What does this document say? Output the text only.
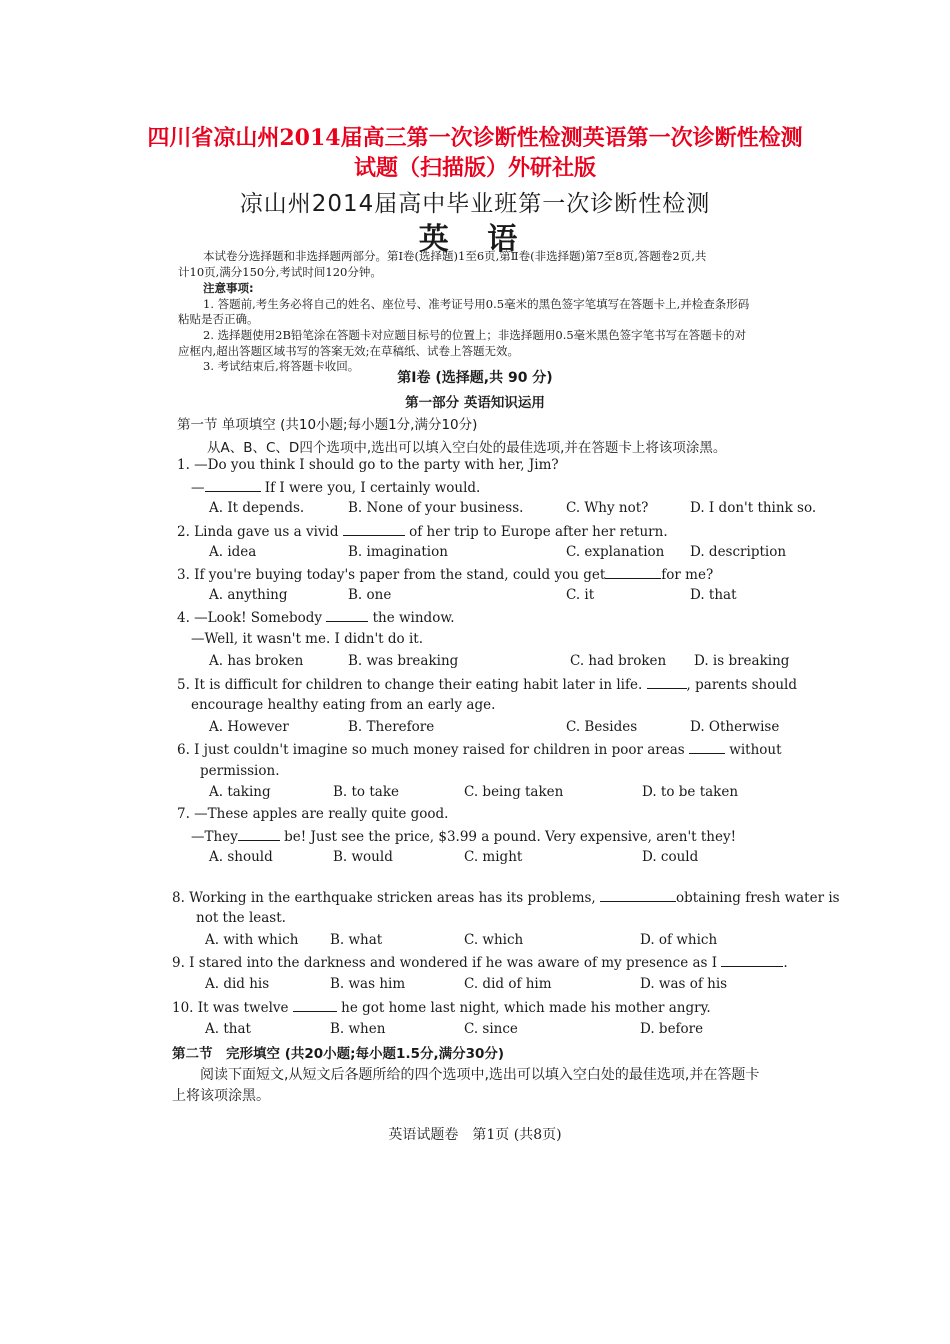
四川省凉山州2014届高三第一次诊断性检测英语第一次诊断性检测
试题（扫描版）外研社版
凉山州2014届高中毕业班第一次诊断性检测
英 语
本试卷分选择题和非选择题两部分。第Ⅰ卷(选择题)1至6页,第Ⅱ卷(非选择题)第7至8页,答题卷2页,共
计10页,满分150分,考试时间120分钟。
注意事项:
1. 答题前,考生务必将自己的姓名、座位号、准考证号用0.5毫米的黑色签字笔填写在答题卡上,并检查条形码
粘贴是否正确。
2. 选择题使用2B铅笔涂在答题卡对应题目标号的位置上；非选择题用0.5毫米黑色签字笔书写在答题卡的对
应框内,超出答题区域书写的答案无效;在草稿纸、试卷上答题无效。
3. 考试结束后,将答题卡收回。
第Ⅰ卷 (选择题,共 90 分)
第一部分 英语知识运用
第一节 单项填空 (共10小题;每小题1分,满分10分)
从A、B、C、D四个选项中,选出可以填入空白处的最佳选项,并在答题卡上将该项涂黑。
1. —Do you think I should go to the party with her, Jim?
—	If I were you, I certainly would.
A. It depends.	B. None of your business.	C. Why not?	D. I don't think so.
2. Linda gave us a vivid	of her trip to Europe after her return.
A. idea	B. imagination	C. explanation D. description
3. If you're buying today's paper from the stand, could you get	for me?
A. anything	B. one	C. it	D. that
4. —Look! Somebody	the window.
—Well, it wasn't me. I didn't do it.
A. has broken	B. was breaking	C. had broken D. is breaking
5. It is difficult for children to change their eating habit later in life.	, parents should
encourage healthy eating from an early age.
A. However	B. Therefore	C. Besides	D. Otherwise
6. I just couldn't imagine so much money raised for children in poor areas	without
permission.
A. taking	B. to take	C. being taken	D. to be taken
7. —These apples are really quite good.
—They	be! Just see the price, $3.99 a pound. Very expensive, aren't they!
A. should	B. would	C. might	D. could
8. Working in the earthquake stricken areas has its problems,	obtaining fresh water is
not the least.
A. with which B. what	C. which	D. of which
9. I stared into the darkness and wondered if he was aware of my presence as I	.
A. did his	B. was him	C. did of him	D. was of his
10. It was twelve	he got home last night, which made his mother angry.
A. that	B. when	C. since	D. before
第二节　完形填空 (共20小题;每小题1.5分,满分30分)
阅读下面短文,从短文后各题所给的四个选项中,选出可以填入空白处的最佳选项,并在答题卡
上将该项涂黑。
英语试题卷　第1页 (共8页)
